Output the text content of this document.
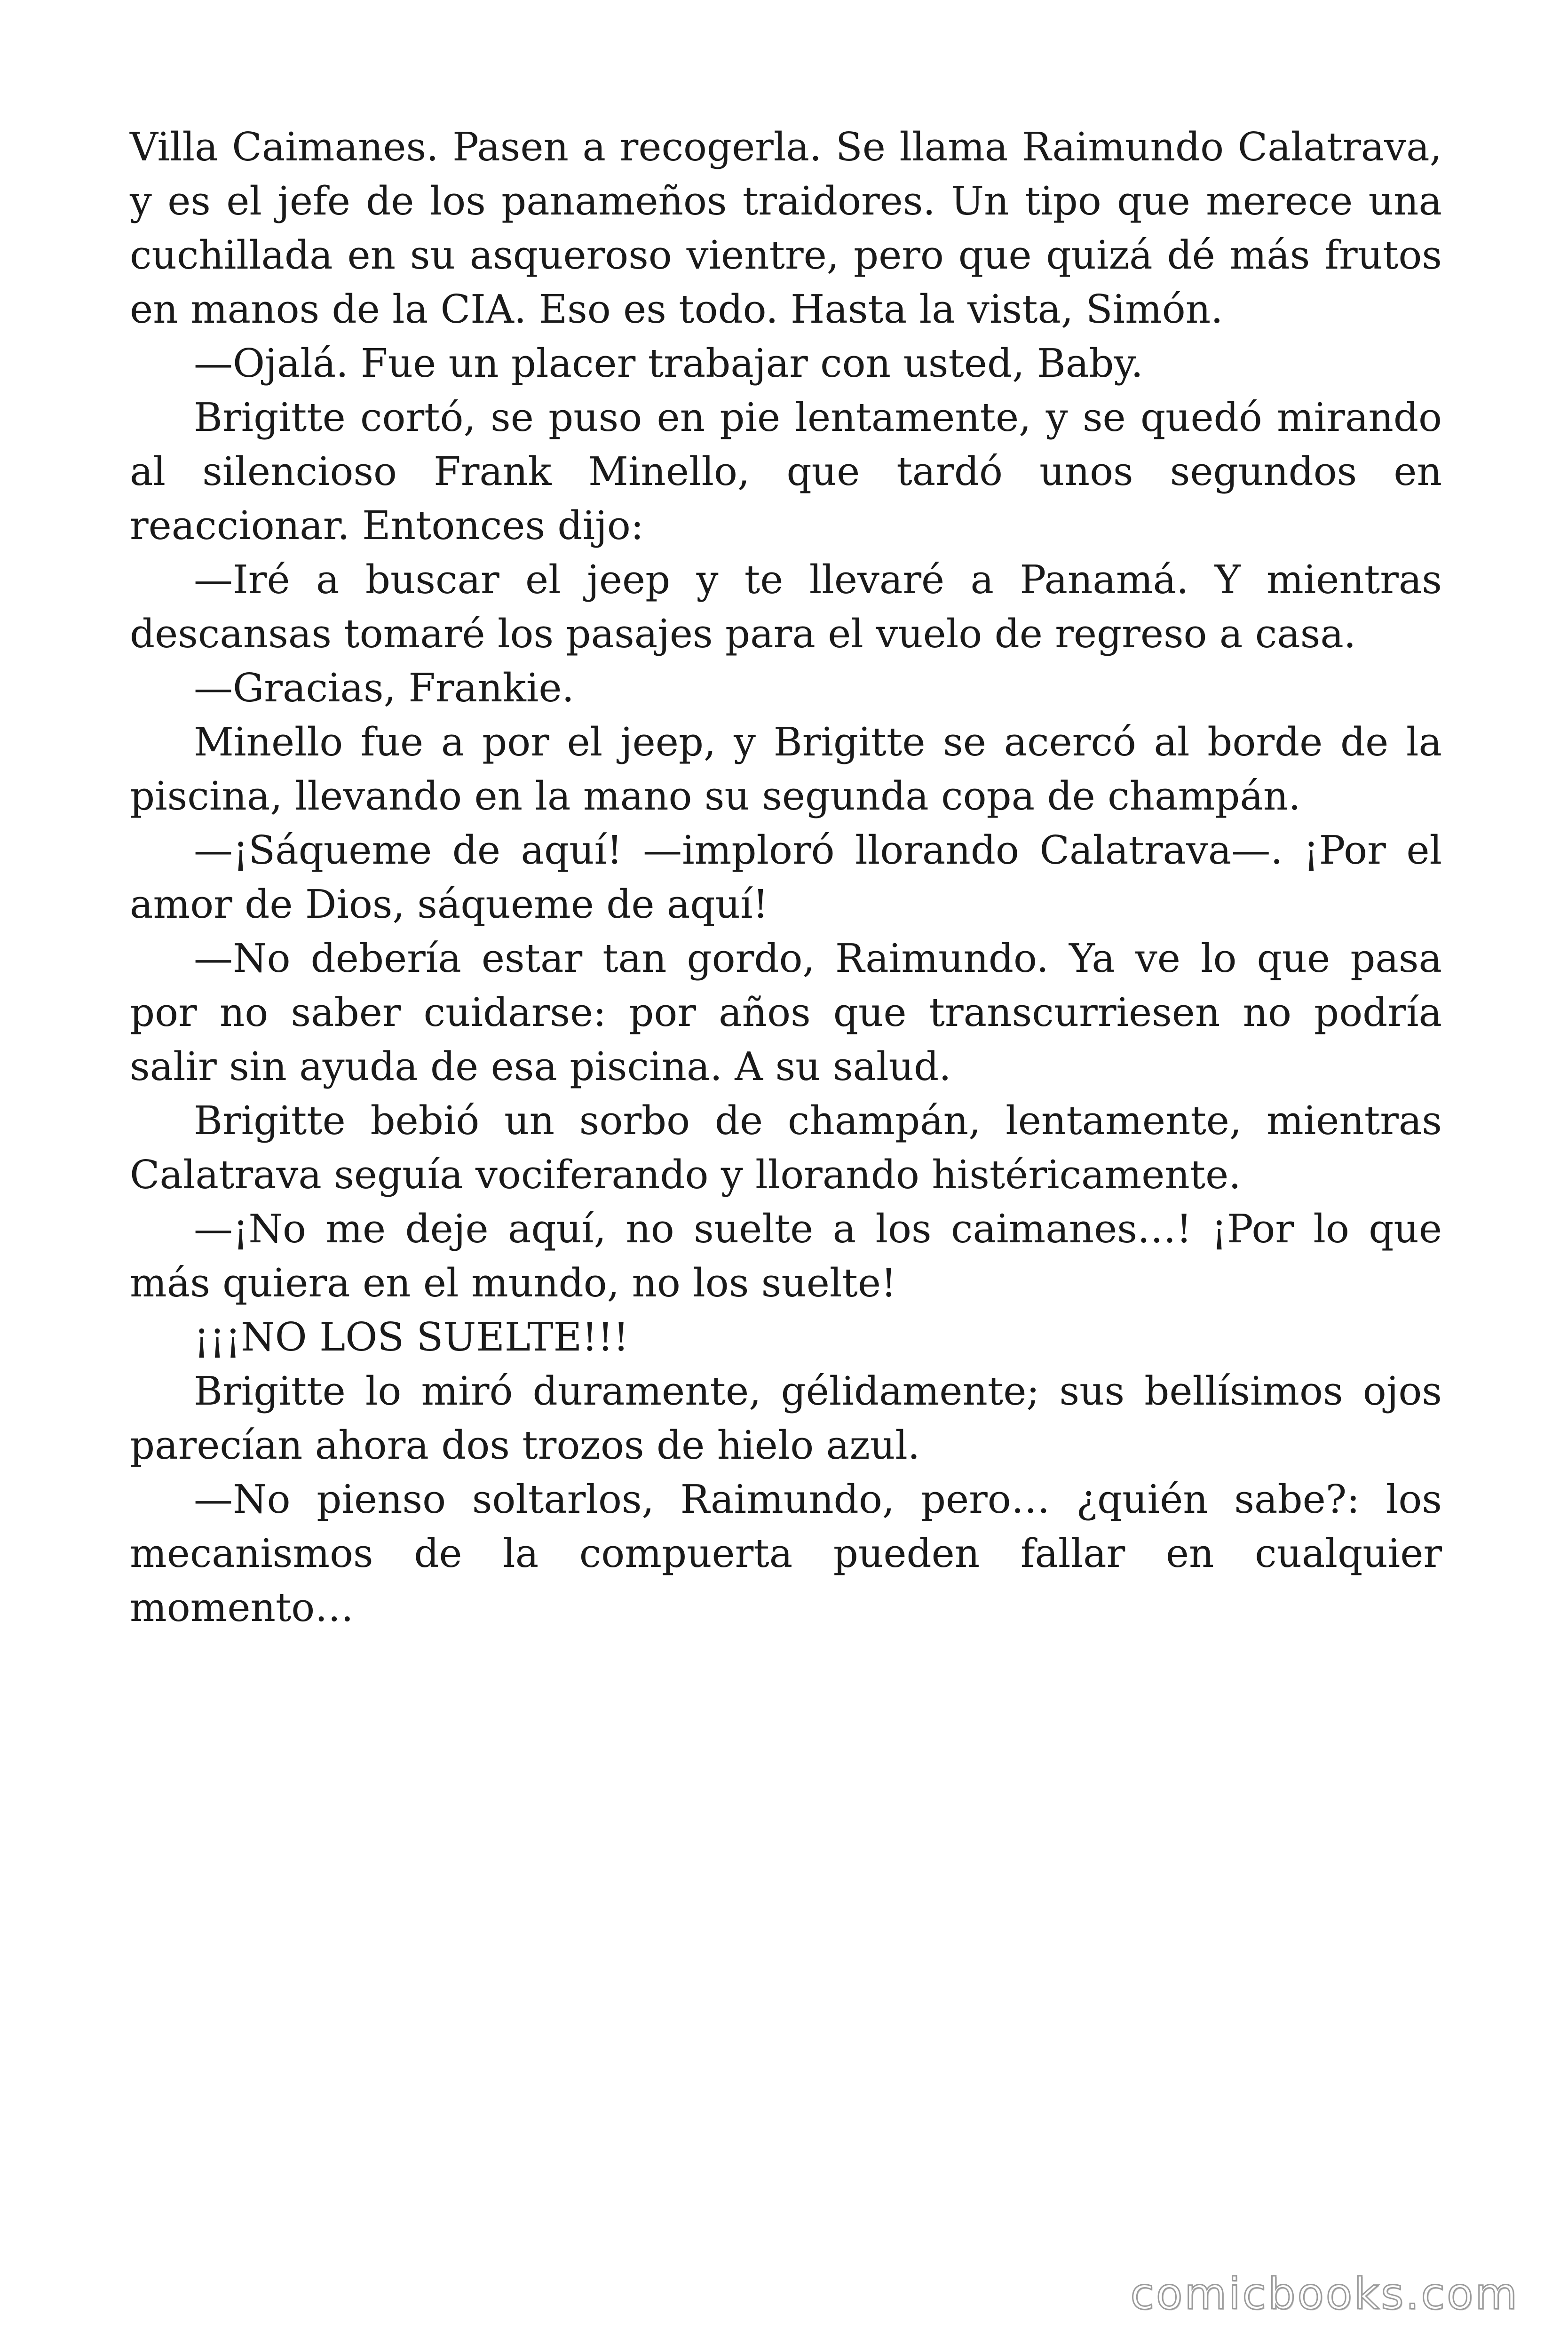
Villa Caimanes. Pasen a recogerla. Se llama Raimundo Calatrava, y es el jefe de los panameños traidores. Un tipo que merece una cuchillada en su asqueroso vientre, pero que quizá dé más frutos en manos de la CIA. Eso es todo. Hasta la vista, Simón.

—Ojalá. Fue un placer trabajar con usted, Baby.

Brigitte cortó, se puso en pie lentamente, y se quedó mirando al silencioso Frank Minello, que tardó unos segundos en reaccionar. Entonces dijo:

—Iré a buscar el jeep y te llevaré a Panamá. Y mientras descansas tomaré los pasajes para el vuelo de regreso a casa.

—Gracias, Frankie.

Minello fue a por el jeep, y Brigitte se acercó al borde de la piscina, llevando en la mano su segunda copa de champán.

—¡Sáqueme de aquí! —imploró llorando Calatrava—. ¡Por el amor de Dios, sáqueme de aquí!

—No debería estar tan gordo, Raimundo. Ya ve lo que pasa por no saber cuidarse: por años que transcurriesen no podría salir sin ayuda de esa piscina. A su salud.

Brigitte bebió un sorbo de champán, lentamente, mientras Calatrava seguía vociferando y llorando histéricamente.

—¡No me deje aquí, no suelte a los caimanes…! ¡Por lo que más quiera en el mundo, no los suelte!

¡¡¡NO LOS SUELTE!!!

Brigitte lo miró duramente, gélidamente; sus bellísimos ojos parecían ahora dos trozos de hielo azul.

—No pienso soltarlos, Raimundo, pero… ¿quién sabe?: los mecanismos de la compuerta pueden fallar en cualquier momento…

comicbooks.com
